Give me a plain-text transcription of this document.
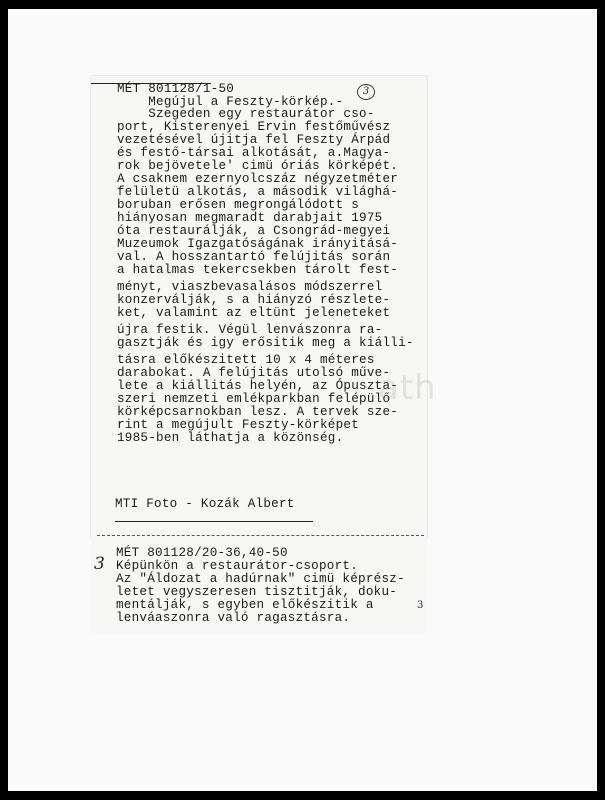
MÉT 801128/1-50	3
Megújul a Feszty-körkép.-
Szegeden egy restaurátor cso-
port, Kisterenyei Ervin festőművész
vezetésével újitja fel Feszty Árpád
és festő-társai alkotását, a.Magya-
rok bejövetele' cimü óriás körképét.
A csaknem ezernyolcszáz négyzetméter
felületü alkotás, a második világhá-
boruban erősen megrongálódott s
hiányosan megmaradt darabjait 1975
óta restaurálják, a Csongrád-megyei
Muzeumok Igazgatóságának irányitásá-
val. A hosszantartó felújitás során
a hatalmas tekercsekben tárolt fest-
ményt, viaszbevasalásos módszerrel
konzerválják, s a hiányzó részlete-
ket, valamint az eltünt jeleneteket
újra festik. Végül lenvászonra ra-
gasztják és igy erősitik meg a kiálli-
tásra előkészitett 10 x 4 méteres
darabokat. A felújitás utolsó műve-
lete a kiállitás helyén, az Ópuszta-
szeri nemzeti emlékparkban felépülő
körképcsarnokban lesz. A tervek sze-
rint a megújult Feszty-körképet
1985-ben láthatja a közönség.
MTI Foto - Kozák Albert
3
MÉT 801128/20-36,40-50
Képünkön a restaurátor-csoport.
Az "Áldozat a hadúrnak" cimü képrész-
letet vegyszeresen tisztitják, doku-
mentálják, s egyben előkészitik a
lenváaszonra való ragasztásra.
3
ath
